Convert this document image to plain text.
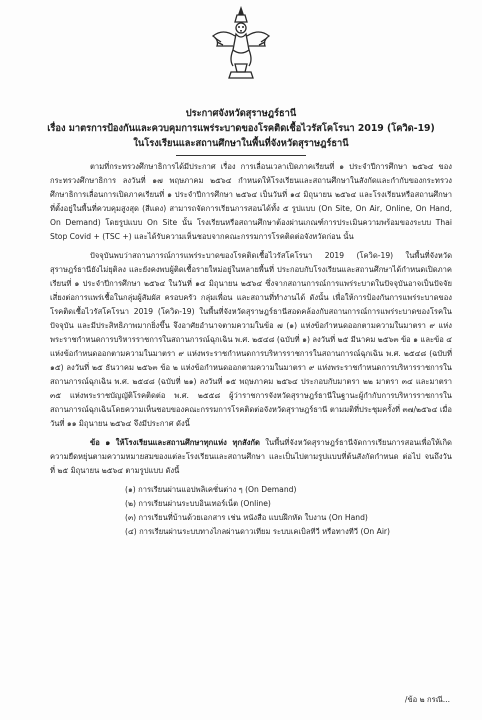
ประกาศจังหวัดสุราษฎร์ธานี
เรื่อง มาตรการป้องกันและควบคุมการแพร่ระบาดของโรคติดเชื้อไวรัสโคโรนา 2019 (โควิด-19)
ในโรงเรียนและสถานศึกษาในพื้นที่จังหวัดสุราษฎร์ธานี

ตามที่กระทรวงศึกษาธิการได้มีประกาศ เรื่อง การเลื่อนเวลาเปิดภาคเรียนที่ ๑ ประจำปีการศึกษา ๒๕๖๔ ของกระทรวงศึกษาธิการ ลงวันที่ ๑๗ พฤษภาคม ๒๕๖๔ กำหนดให้โรงเรียนและสถานศึกษาในสังกัดและกำกับของกระทรวงศึกษาธิการเลื่อนการเปิดภาคเรียนที่ ๑ ประจำปีการศึกษา ๒๕๖๔ เป็นวันที่ ๑๔ มิถุนายน ๒๕๖๔ และโรงเรียนหรือสถานศึกษาที่ตั้งอยู่ในพื้นที่ควบคุมสูงสุด (สีแดง) สามารถจัดการเรียนการสอนได้ทั้ง ๕ รูปแบบ (On Site, On Air, Online, On Hand, On Demand) โดยรูปแบบ On Site นั้น โรงเรียนหรือสถานศึกษาต้องผ่านเกณฑ์การประเมินความพร้อมของระบบ Thai Stop Covid + (TSC +) และได้รับความเห็นชอบจากคณะกรรมการโรคติดต่อจังหวัดก่อน นั้น

ปัจจุบันพบว่าสถานการณ์การแพร่ระบาดของโรคติดเชื้อไวรัสโคโรนา 2019 (โควิด-19) ในพื้นที่จังหวัดสุราษฎร์ธานียังไม่ยุติลง และยังคงพบผู้ติดเชื้อรายใหม่อยู่ในหลายพื้นที่ ประกอบกับโรงเรียนและสถานศึกษาได้กำหนดเปิดภาคเรียนที่ ๑ ประจำปีการศึกษา ๒๕๖๔ ในวันที่ ๑๔ มิถุนายน ๒๕๖๔ ซึ่งจากสถานการณ์การแพร่ระบาดในปัจจุบันอาจเป็นปัจจัยเสี่ยงต่อการแพร่เชื้อในกลุ่มผู้สัมผัส ครอบครัว กลุ่มเพื่อน และสถานที่ทำงานได้ ดังนั้น เพื่อให้การป้องกันการแพร่ระบาดของโรคติดเชื้อไวรัสโคโรนา 2019 (โควิด-19) ในพื้นที่จังหวัดสุราษฎร์ธานีสอดคล้องกับสถานการณ์การแพร่ระบาดของโรคในปัจจุบัน และมีประสิทธิภาพมากยิ่งขึ้น จึงอาศัยอำนาจตามความในข้อ ๗ (๑) แห่งข้อกำหนดออกตามความในมาตรา ๙ แห่งพระราชกำหนดการบริหารราชการในสถานการณ์ฉุกเฉิน พ.ศ. ๒๕๔๘ (ฉบับที่ ๑) ลงวันที่ ๒๕ มีนาคม ๒๕๖๓ ข้อ ๑ และข้อ ๔ แห่งข้อกำหนดออกตามความในมาตรา ๙ แห่งพระราชกำหนดการบริหารราชการในสถานการณ์ฉุกเฉิน พ.ศ. ๒๕๔๘ (ฉบับที่ ๑๕) ลงวันที่ ๒๕ ธันวาคม ๒๕๖๓ ข้อ ๒ แห่งข้อกำหนดออกตามความในมาตรา ๙ แห่งพระราชกำหนดการบริหารราชการในสถานการณ์ฉุกเฉิน พ.ศ. ๒๕๔๘ (ฉบับที่ ๒๑) ลงวันที่ ๑๕ พฤษภาคม ๒๕๖๔ ประกอบกับมาตรา ๒๒ มาตรา ๓๔ และมาตรา ๓๕ แห่งพระราชบัญญัติโรคติดต่อ พ.ศ. ๒๕๕๘ ผู้ว่าราชการจังหวัดสุราษฎร์ธานีในฐานะผู้กำกับการบริหารราชการในสถานการณ์ฉุกเฉินโดยความเห็นชอบของคณะกรรมการโรคติดต่อจังหวัดสุราษฎร์ธานี ตามมติที่ประชุมครั้งที่ ๓๗/๒๕๖๔ เมื่อวันที่ ๑๑ มิถุนายน ๒๕๖๔ จึงมีประกาศ ดังนี้

ข้อ ๑ ให้โรงเรียนและสถานศึกษาทุกแห่ง ทุกสังกัด ในพื้นที่จังหวัดสุราษฎร์ธานีจัดการเรียนการสอนเพื่อให้เกิดความยืดหยุ่นตามความหมายสมของแต่ละโรงเรียนและสถานศึกษา และเป็นไปตามรูปแบบที่ต้นสังกัดกำหนด ต่อไป จนถึงวันที่ ๒๕ มิถุนายน ๒๕๖๔ ตามรูปแบบ ดังนี้

(๑) การเรียนผ่านแอปพลิเคชั่นต่าง ๆ (On Demand)
(๒) การเรียนผ่านระบบอินเทอร์เน็ต (Online)
(๓) การเรียนที่บ้านด้วยเอกสาร เช่น หนังสือ แบบฝึกหัด ใบงาน (On Hand)
(๔) การเรียนผ่านระบบทางไกลผ่านดาวเทียม ระบบเคเบิลทีวี หรือทางทีวี (On Air)
/ข้อ ๒ กรณี...
